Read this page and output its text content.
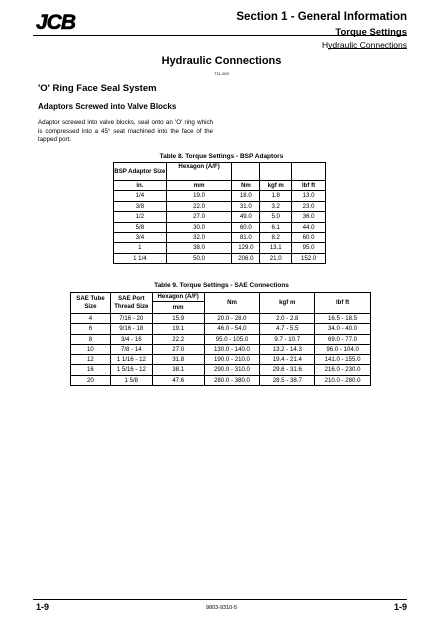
JCB	Section 1 - General Information
Torque Settings
Hydraulic Connections
Hydraulic Connections
T11-003
'O' Ring Face Seal System
Adaptors Screwed into Valve Blocks
Adaptor screwed into valve blocks, seal onto an 'O' ring which is compressed into a 45° seat machined into the face of the tapped port.
Table 8. Torque Settings - BSP Adaptors
BSP Adaptor Size	Hexagon (A/F)			
in.	mm	Nm	kgf m	lbf ft
1/4	19.0	18.0	1.8	13.0
3/8	22.0	31.0	3.2	23.0
1/2	27.0	49.0	5.0	36.0
5/8	30.0	60.0	6.1	44.0
3/4	32.0	81.0	8.2	60.0
1	38.0	129.0	13.1	95.0
1 1/4	50.0	206.0	21.0	152.0
Table 9. Torque Settings - SAE Connections
SAE Tube Size	SAE Port Thread Size	Hexagon (A/F)	Nm	kgf m	lbf ft
		mm			
4	7/16 - 20	15.9	20.0 - 28.0	2.0 - 2.8	16.5 - 18.5
6	9/16 - 18	19.1	46.0 - 54.0	4.7 - 5.5	34.0 - 40.0
8	3/4 - 16	22.2	95.0 - 105.0	9.7 - 10.7	69.0 - 77.0
10	7/8 - 14	27.0	130.0 - 140.0	13.2 - 14.3	96.0 - 104.0
12	1 1/16 - 12	31.8	190.0 - 210.0	19.4 - 21.4	141.0 - 155.0
16	1 5/16 - 12	38.1	290.0 - 310.0	29.6 - 31.6	216.0 - 230.0
20	1 5/8	47.6	280.0 - 380.0	28.5 - 38.7	210.0 - 280.0
1-9	9803-9310-5	1-9
